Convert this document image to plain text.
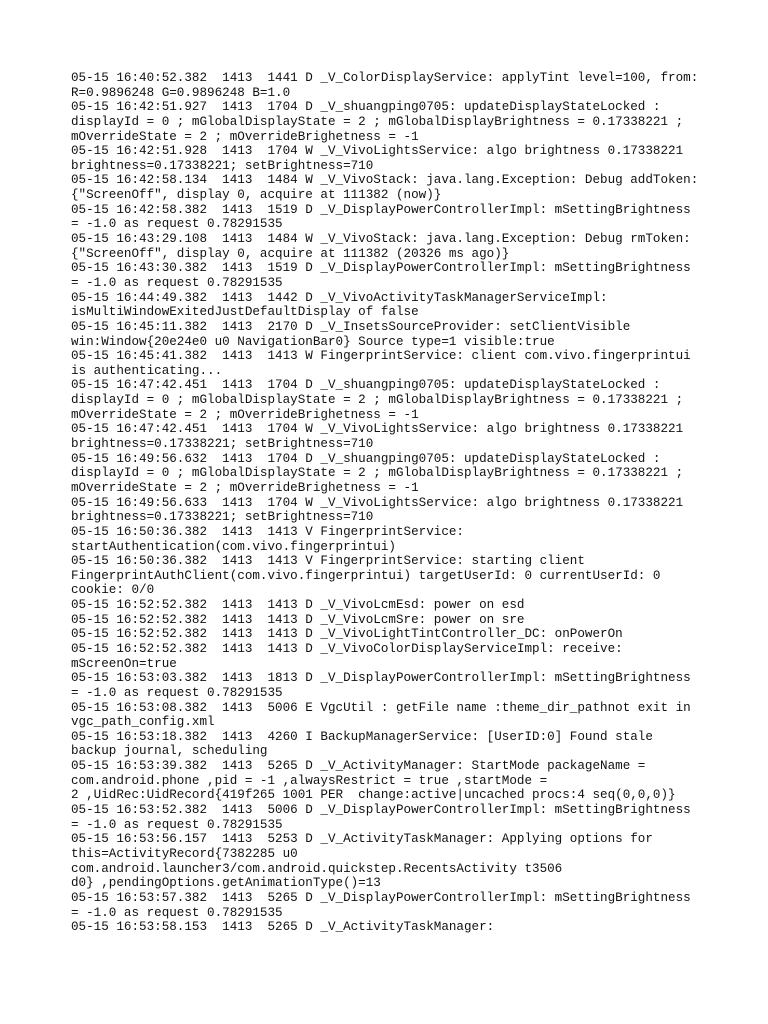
05-15 16:40:52.382  1413  1441 D _V_ColorDisplayService: applyTint level=100, from:
R=0.9896248 G=0.9896248 B=1.0
05-15 16:42:51.927  1413  1704 D _V_shuangping0705: updateDisplayStateLocked :
displayId = 0 ; mGlobalDisplayState = 2 ; mGlobalDisplayBrightness = 0.17338221 ;
mOverrideState = 2 ; mOverrideBrighetness = -1
05-15 16:42:51.928  1413  1704 W _V_VivoLightsService: algo brightness 0.17338221
brightness=0.17338221; setBrightness=710
05-15 16:42:58.134  1413  1484 W _V_VivoStack: java.lang.Exception: Debug addToken:
{"ScreenOff", display 0, acquire at 111382 (now)}
05-15 16:42:58.382  1413  1519 D _V_DisplayPowerControllerImpl: mSettingBrightness
= -1.0 as request 0.78291535
05-15 16:43:29.108  1413  1484 W _V_VivoStack: java.lang.Exception: Debug rmToken:
{"ScreenOff", display 0, acquire at 111382 (20326 ms ago)}
05-15 16:43:30.382  1413  1519 D _V_DisplayPowerControllerImpl: mSettingBrightness
= -1.0 as request 0.78291535
05-15 16:44:49.382  1413  1442 D _V_VivoActivityTaskManagerServiceImpl:
isMultiWindowExitedJustDefaultDisplay of false
05-15 16:45:11.382  1413  2170 D _V_InsetsSourceProvider: setClientVisible
win:Window{20e24e0 u0 NavigationBar0} Source type=1 visible:true
05-15 16:45:41.382  1413  1413 W FingerprintService: client com.vivo.fingerprintui
is authenticating...
05-15 16:47:42.451  1413  1704 D _V_shuangping0705: updateDisplayStateLocked :
displayId = 0 ; mGlobalDisplayState = 2 ; mGlobalDisplayBrightness = 0.17338221 ;
mOverrideState = 2 ; mOverrideBrighetness = -1
05-15 16:47:42.451  1413  1704 W _V_VivoLightsService: algo brightness 0.17338221
brightness=0.17338221; setBrightness=710
05-15 16:49:56.632  1413  1704 D _V_shuangping0705: updateDisplayStateLocked :
displayId = 0 ; mGlobalDisplayState = 2 ; mGlobalDisplayBrightness = 0.17338221 ;
mOverrideState = 2 ; mOverrideBrighetness = -1
05-15 16:49:56.633  1413  1704 W _V_VivoLightsService: algo brightness 0.17338221
brightness=0.17338221; setBrightness=710
05-15 16:50:36.382  1413  1413 V FingerprintService:
startAuthentication(com.vivo.fingerprintui)
05-15 16:50:36.382  1413  1413 V FingerprintService: starting client
FingerprintAuthClient(com.vivo.fingerprintui) targetUserId: 0 currentUserId: 0
cookie: 0/0
05-15 16:52:52.382  1413  1413 D _V_VivoLcmEsd: power on esd
05-15 16:52:52.382  1413  1413 D _V_VivoLcmSre: power on sre
05-15 16:52:52.382  1413  1413 D _V_VivoLightTintController_DC: onPowerOn
05-15 16:52:52.382  1413  1413 D _V_VivoColorDisplayServiceImpl: receive:
mScreenOn=true
05-15 16:53:03.382  1413  1813 D _V_DisplayPowerControllerImpl: mSettingBrightness
= -1.0 as request 0.78291535
05-15 16:53:08.382  1413  5006 E VgcUtil : getFile name :theme_dir_pathnot exit in
vgc_path_config.xml
05-15 16:53:18.382  1413  4260 I BackupManagerService: [UserID:0] Found stale
backup journal, scheduling
05-15 16:53:39.382  1413  5265 D _V_ActivityManager: StartMode packageName =
com.android.phone ,pid = -1 ,alwaysRestrict = true ,startMode =
2 ,UidRec:UidRecord{419f265 1001 PER  change:active|uncached procs:4 seq(0,0,0)}
05-15 16:53:52.382  1413  5006 D _V_DisplayPowerControllerImpl: mSettingBrightness
= -1.0 as request 0.78291535
05-15 16:53:56.157  1413  5253 D _V_ActivityTaskManager: Applying options for
this=ActivityRecord{7382285 u0
com.android.launcher3/com.android.quickstep.RecentsActivity t3506
d0} ,pendingOptions.getAnimationType()=13
05-15 16:53:57.382  1413  5265 D _V_DisplayPowerControllerImpl: mSettingBrightness
= -1.0 as request 0.78291535
05-15 16:53:58.153  1413  5265 D _V_ActivityTaskManager:
